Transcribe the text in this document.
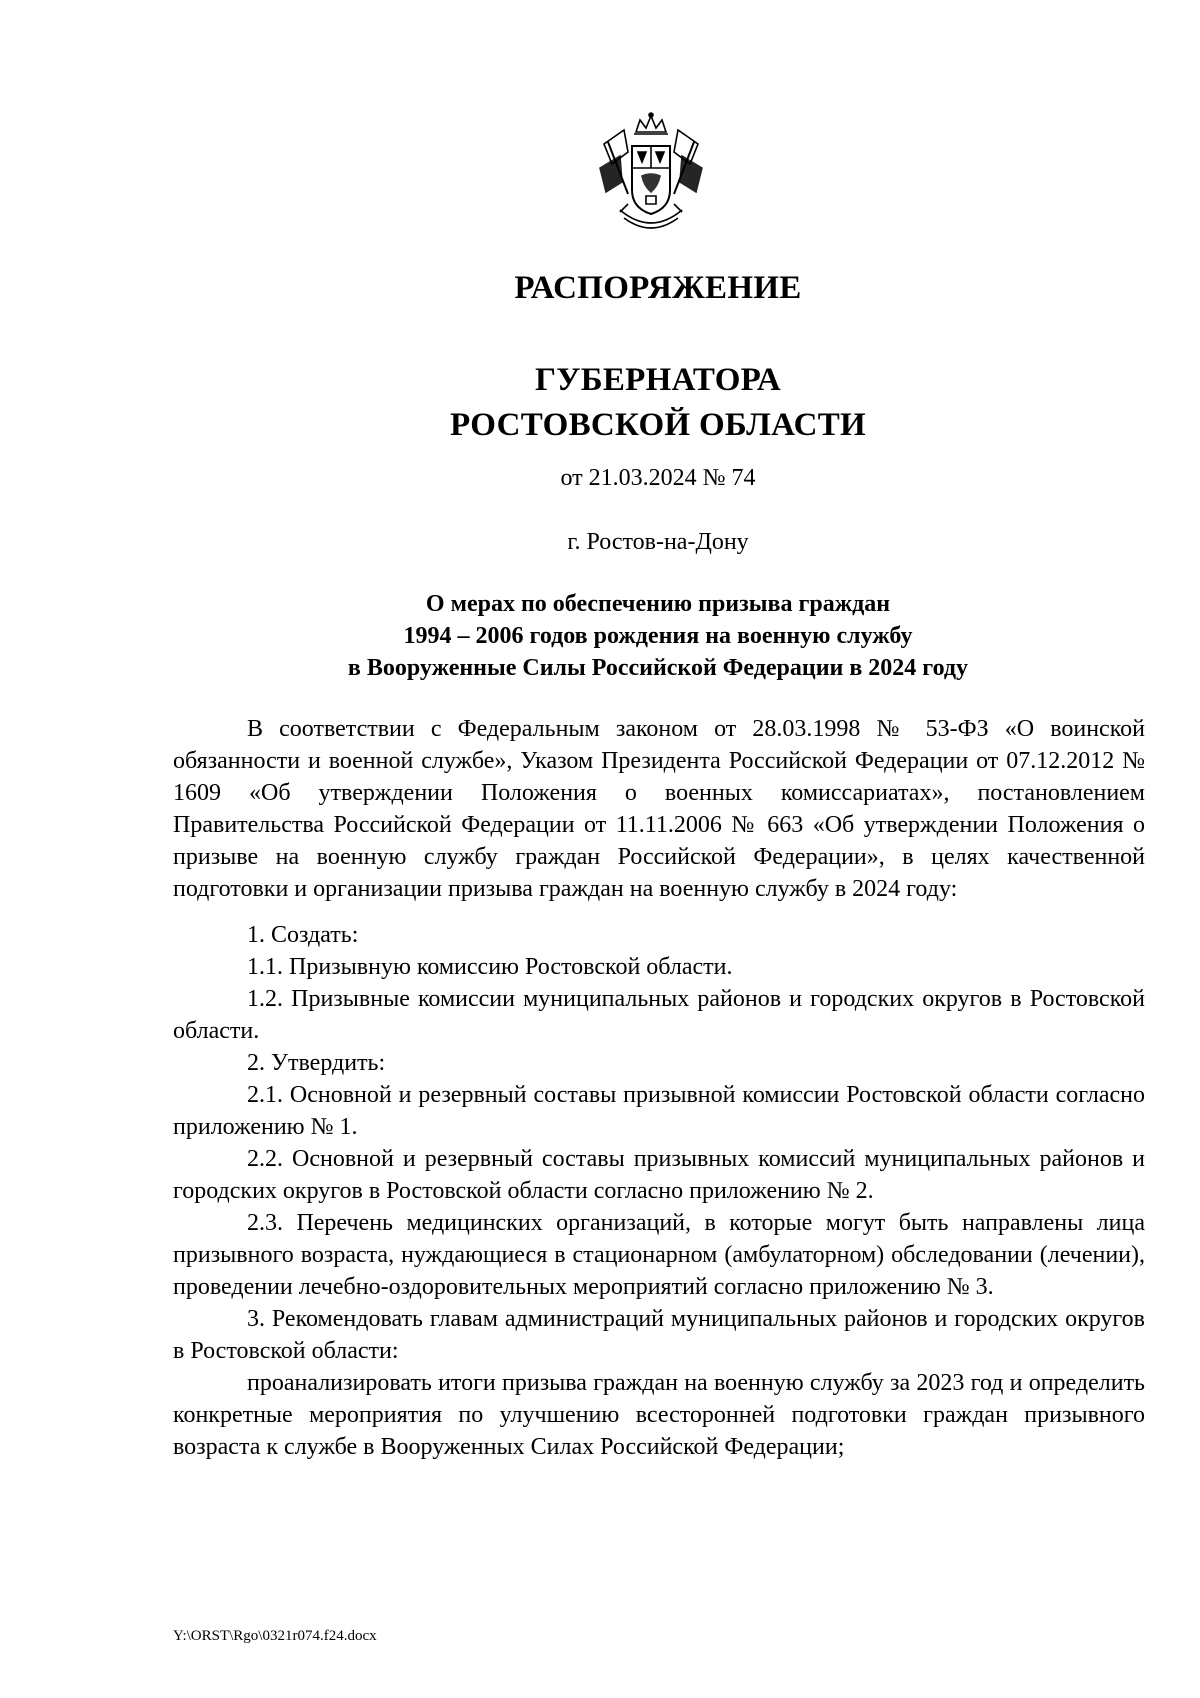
РАСПОРЯЖЕНИЕ
ГУБЕРНАТОРА
РОСТОВСКОЙ ОБЛАСТИ
от 21.03.2024 № 74
г. Ростов-на-Дону
О мерах по обеспечению призыва граждан
1994 – 2006 годов рождения на военную службу
в Вооруженные Силы Российской Федерации в 2024 году

В соответствии с Федеральным законом от 28.03.1998 № 53-ФЗ «О воинской обязанности и военной службе», Указом Президента Российской Федерации от 07.12.2012 № 1609 «Об утверждении Положения о военных комиссариатах», постановлением Правительства Российской Федерации от 11.11.2006 № 663 «Об утверждении Положения о призыве на военную службу граждан Российской Федерации», в целях качественной подготовки и организации призыва граждан на военную службу в 2024 году:

1. Создать:

1.1. Призывную комиссию Ростовской области.

1.2. Призывные комиссии муниципальных районов и городских округов в Ростовской области.

2. Утвердить:

2.1. Основной и резервный составы призывной комиссии Ростовской области согласно приложению № 1.

2.2. Основной и резервный составы призывных комиссий муниципальных районов и городских округов в Ростовской области согласно приложению № 2.

2.3. Перечень медицинских организаций, в которые могут быть направлены лица призывного возраста, нуждающиеся в стационарном (амбулаторном) обследовании (лечении), проведении лечебно-оздоровительных мероприятий согласно приложению № 3.

3. Рекомендовать главам администраций муниципальных районов и городских округов в Ростовской области:

проанализировать итоги призыва граждан на военную службу за 2023 год и определить конкретные мероприятия по улучшению всесторонней подготовки граждан призывного возраста к службе в Вооруженных Силах Российской Федерации;

Y:\ORST\Rgo\0321r074.f24.docx
